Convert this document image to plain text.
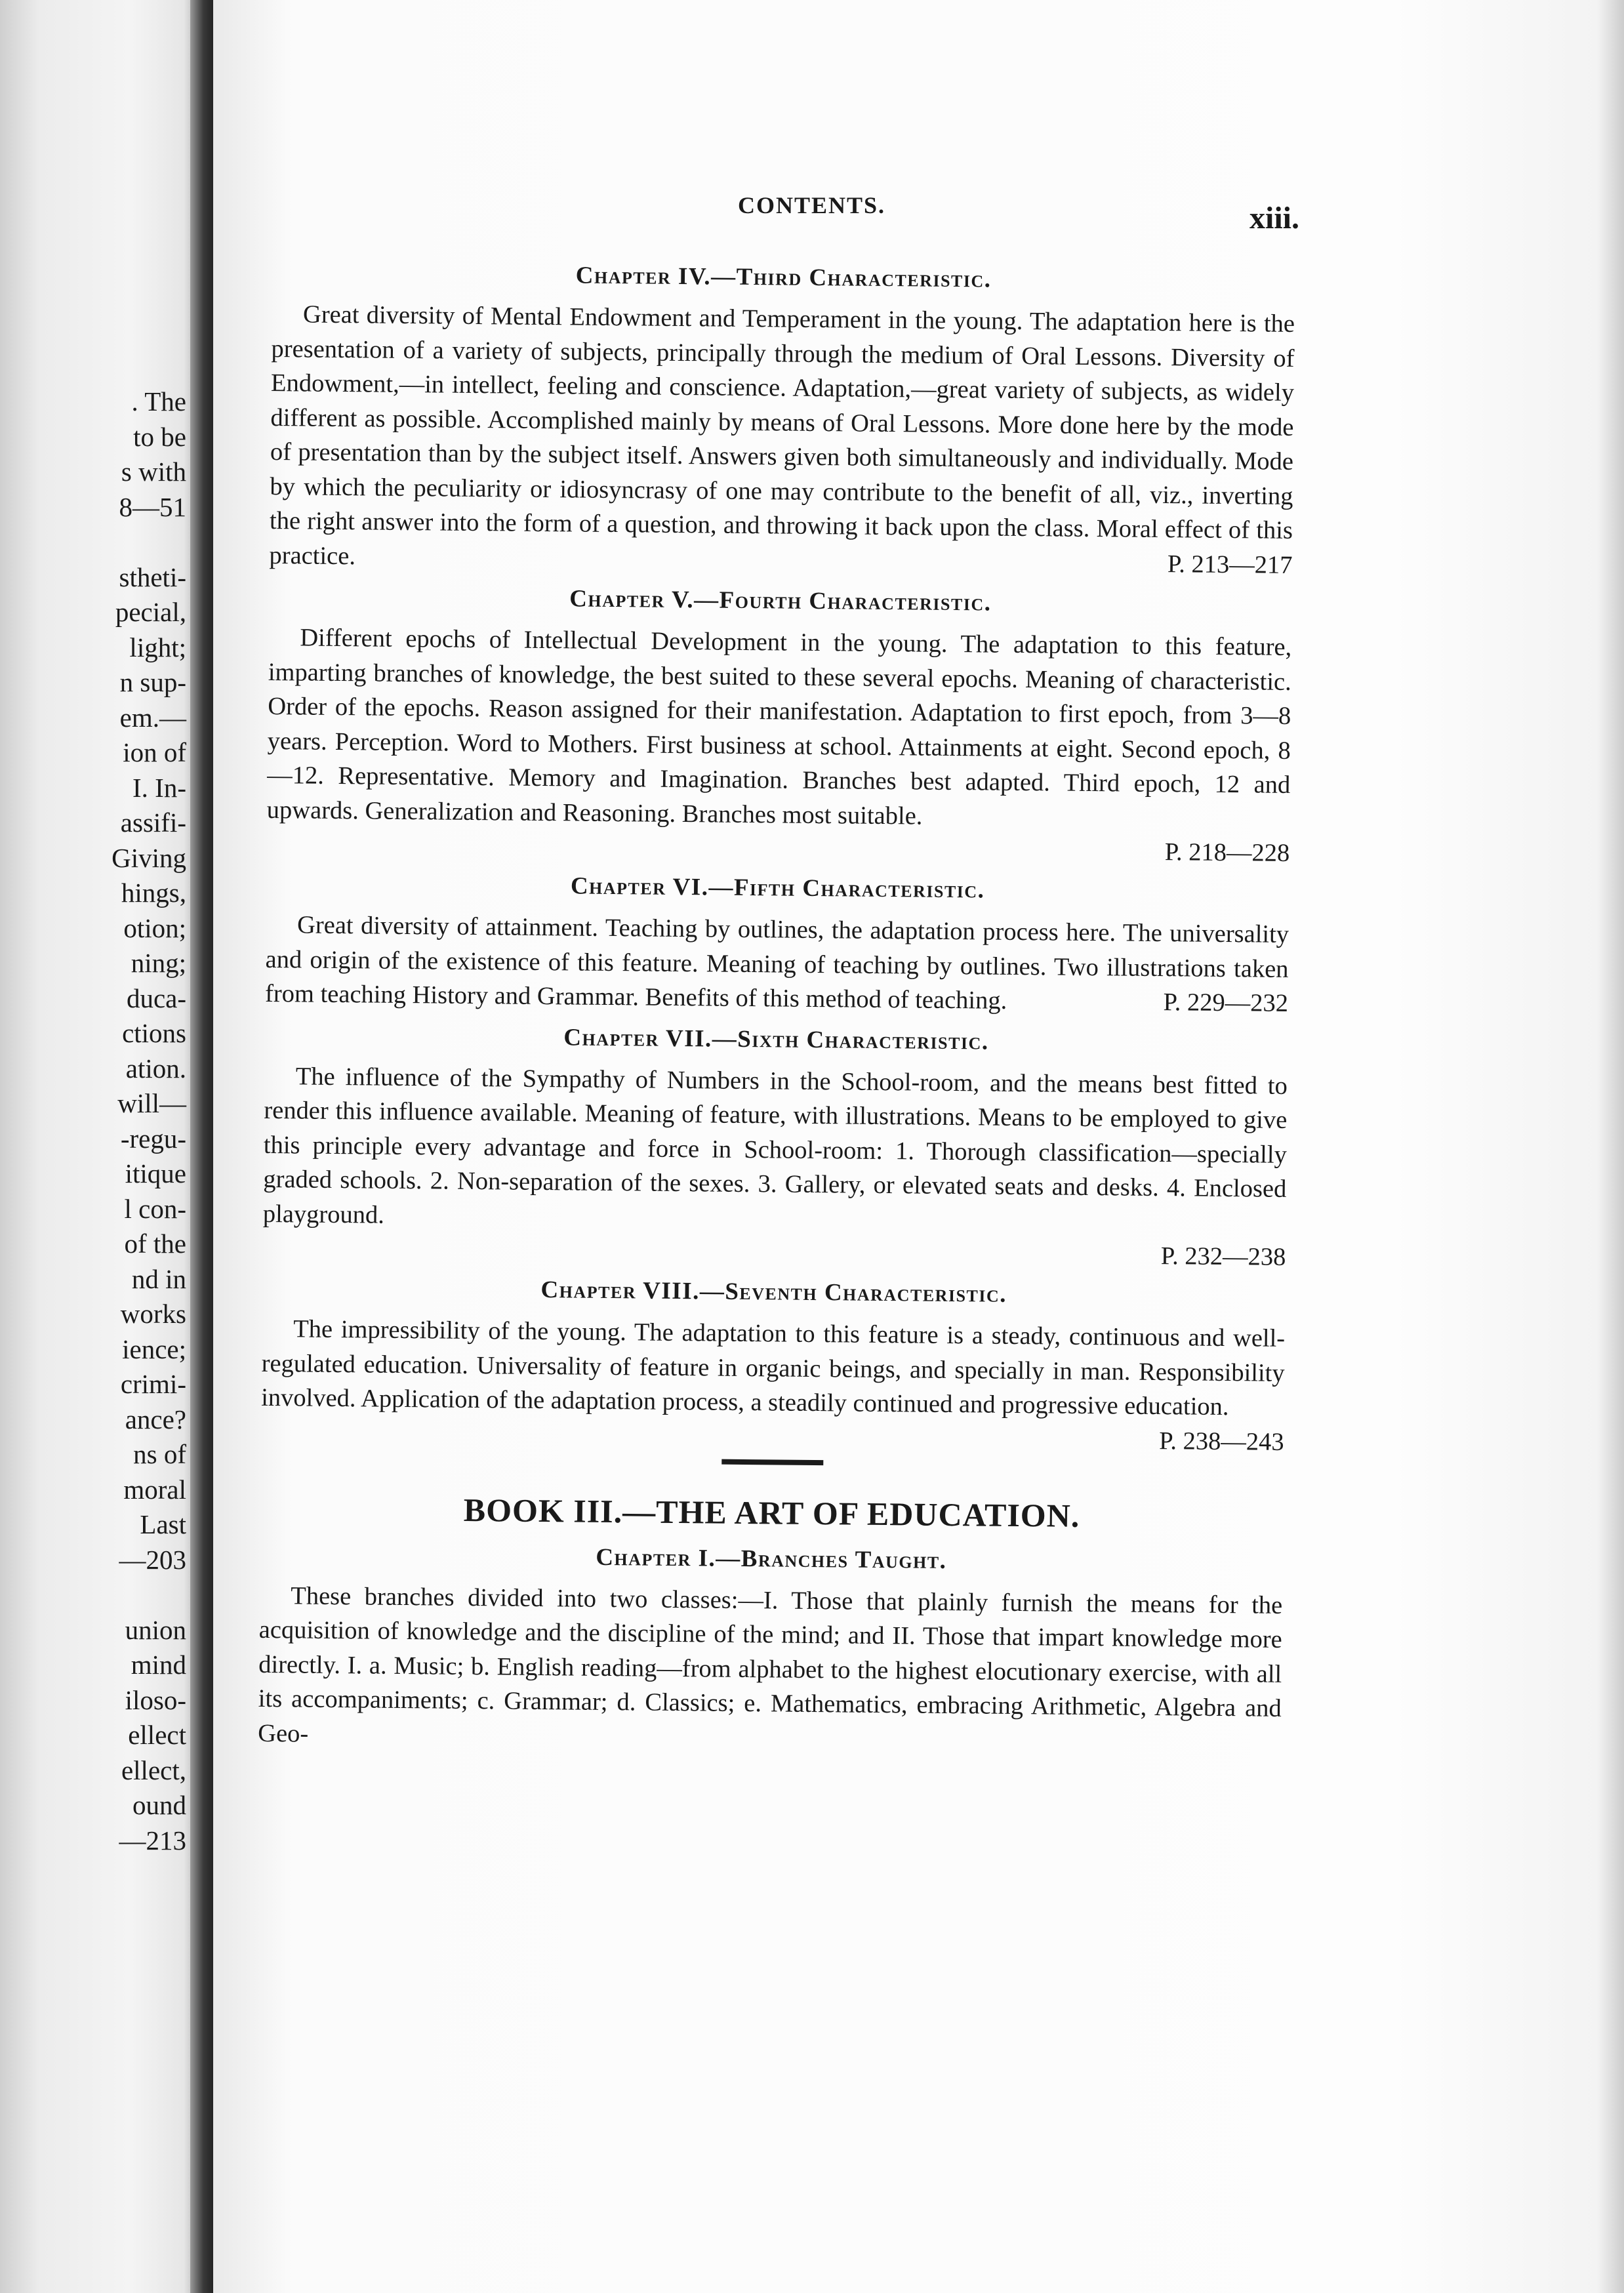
. The
to be
s with
8—51
stheti-
pecial,
light;
n sup-
em.—
ion of
I. In-
assifi-
Giving
hings,
otion;
ning;
duca-
ctions
ation.
will—
-regu-
itique
l con-
of the
nd in
works
ience;
crimi-
ance?
ns of
moral
Last
—203
union
mind
iloso-
ellect
ellect,
ound
—213
CONTENTS.	xiii.
Chapter IV.—Third Characteristic.

Great diversity of Mental Endowment and Temperament in the young. The adaptation here is the presentation of a variety of subjects, principally through the medium of Oral Lessons. Diversity of Endowment,—in intellect, feeling and conscience. Adaptation,—great variety of subjects, as widely different as possible. Accomplished mainly by means of Oral Lessons. More done here by the mode of presentation than by the subject itself. Answers given both simultaneously and individually. Mode by which the peculiarity or idiosyncrasy of one may contribute to the benefit of all, viz., inverting the right answer into the form of a question, and throwing it back upon the class. Moral effect of this practice.	P. 213—217

Chapter V.—Fourth Characteristic.

Different epochs of Intellectual Development in the young. The adaptation to this feature, imparting branches of knowledge, the best suited to these several epochs. Meaning of characteristic. Order of the epochs. Reason assigned for their manifestation. Adaptation to first epoch, from 3—8 years. Perception. Word to Mothers. First business at school. Attainments at eight. Second epoch, 8—12. Representative. Memory and Imagination. Branches best adapted. Third epoch, 12 and upwards. Generalization and Reasoning. Branches most suitable.

P. 218—228
Chapter VI.—Fifth Characteristic.

Great diversity of attainment. Teaching by outlines, the adaptation process here. The universality and origin of the existence of this feature. Meaning of teaching by outlines. Two illustrations taken from teaching History and Grammar. Benefits of this method of teaching.	P. 229—232

Chapter VII.—Sixth Characteristic.

The influence of the Sympathy of Numbers in the School-room, and the means best fitted to render this influence available. Meaning of feature, with illustrations. Means to be employed to give this principle every advantage and force in School-room: 1. Thorough classification—specially graded schools. 2. Non-separation of the sexes. 3. Gallery, or elevated seats and desks. 4. Enclosed playground.

P. 232—238
Chapter VIII.—Seventh Characteristic.

The impressibility of the young. The adaptation to this feature is a steady, continuous and well-regulated education. Universality of feature in organic beings, and specially in man. Responsibility involved. Application of the adaptation process, a steadily continued and progressive education.
P. 238—243

BOOK III.—THE ART OF EDUCATION.
Chapter I.—Branches Taught.

These branches divided into two classes:—I. Those that plainly furnish the means for the acquisition of knowledge and the discipline of the mind; and II. Those that impart knowledge more directly. I. a. Music; b. English reading—from alphabet to the highest elocutionary exercise, with all its accompaniments; c. Grammar; d. Classics; e. Mathematics, embracing Arithmetic, Algebra and Geo-
